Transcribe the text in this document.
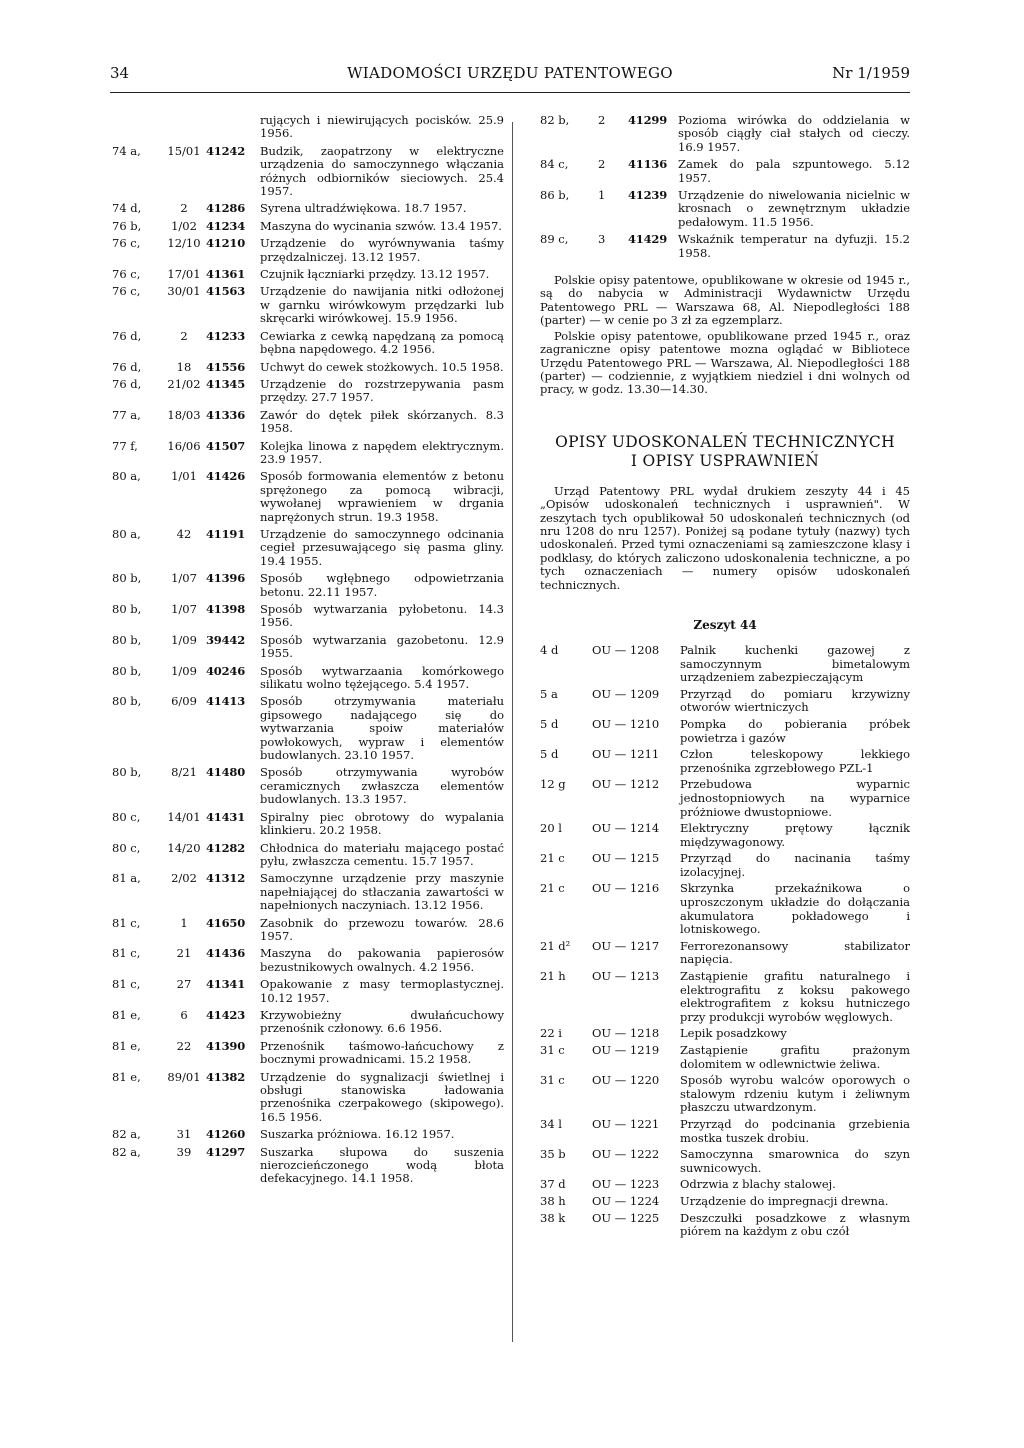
34	WIADOMOŚCI URZĘDU PATENTOWEGO	Nr 1/1959
rujących i niewirujących pocisków. 25.9 1956.
74 a,	15/01 41242	Budzik, zaopatrzony w elektryczne urządzenia do samoczynnego włączania różnych odbiorników sieciowych. 25.4 1957.
74 d,	2	41286	Syrena ultradźwiękowa. 18.7 1957.
76 b,	1/02 41234	Maszyna do wycinania szwów. 13.4 1957.
76 c,	12/10 41210	Urządzenie do wyrównywania taśmy przędzalniczej. 13.12 1957.
76 c,	17/01 41361	Czujnik łączniarki przędzy. 13.12 1957.
76 c,	30/01 41563	Urządzenie do nawijania nitki odłożonej w garnku wirówkowym przędzarki lub skręcarki wirówkowej. 15.9 1956.
76 d,	2	41233	Cewiarka z cewką napędzaną za pomocą bębna napędowego. 4.2 1956.
76 d,	18	41556	Uchwyt do cewek stożkowych. 10.5 1958.
76 d,	21/02 41345	Urządzenie do rozstrzepywania pasm przędzy. 27.7 1957.
77 a,	18/03 41336	Zawór do dętek piłek skórzanych. 8.3 1958.
77 f,	16/06 41507	Kolejka linowa z napędem elektrycznym. 23.9 1957.
80 a,	1/01 41426	Sposób formowania elementów z betonu sprężonego za pomocą wibracji, wywołanej wprawieniem w drgania naprężonych strun. 19.3 1958.
80 a,	42	41191	Urządzenie do samoczynnego odcinania cegieł przesuwającego się pasma gliny. 19.4 1955.
80 b,	1/07 41396	Sposób wgłębnego odpowietrzania betonu. 22.11 1957.
80 b,	1/07 41398	Sposób wytwarzania pyłobetonu. 14.3 1956.
80 b,	1/09 39442	Sposób wytwarzania gazobetonu. 12.9 1955.
80 b,	1/09 40246	Sposób wytwarzaania komórkowego silikatu wolno tężejącego. 5.4 1957.
80 b,	6/09 41413	Sposób otrzymywania materiału gipsowego nadającego się do wytwarzania spoiw materiałów powłokowych, wypraw i elementów budowlanych. 23.10 1957.
80 b,	8/21 41480	Sposób otrzymywania wyrobów ceramicznych zwłaszcza elementów budowlanych. 13.3 1957.
80 c,	14/01 41431	Spiralny piec obrotowy do wypalania klinkieru. 20.2 1958.
80 c,	14/20 41282	Chłodnica do materiału mającego postać pyłu, zwłaszcza cementu. 15.7 1957.
81 a,	2/02 41312	Samoczynne urządzenie przy maszynie napełniającej do stłaczania zawartości w napełnionych naczyniach. 13.12 1956.
81 c,	1	41650	Zasobnik do przewozu towarów. 28.6 1957.
81 c,	21	41436	Maszyna do pakowania papierosów bezustnikowych owalnych. 4.2 1956.
81 c,	27	41341	Opakowanie z masy termoplastycznej. 10.12 1957.
81 e,	6	41423	Krzywobieżny dwułańcuchowy przenośnik członowy. 6.6 1956.
81 e,	22	41390	Przenośnik taśmowo-łańcuchowy z bocznymi prowadnicami. 15.2 1958.
81 e,	89/01 41382	Urządzenie do sygnalizacji świetlnej i obsługi stanowiska ładowania przenośnika czerpakowego (skipowego). 16.5 1956.
82 a,	31	41260	Suszarka próżniowa. 16.12 1957.
82 a,	39	41297	Suszarka słupowa do suszenia nierozcieńczonego wodą błota defekacyjnego. 14.1 1958.
82 b,	2	41299 Pozioma wirówka do oddzielania w sposób ciągły ciał stałych od cieczy. 16.9 1957.
84 c,	2	41136 Zamek do pala szpuntowego. 5.12 1957.
86 b,	1	41239 Urządzenie do niwelowania nicielnic w krosnach o zewnętrznym układzie pedałowym. 11.5 1956.
89 c,	3	41429 Wskaźnik temperatur na dyfuzji. 15.2 1958.

Polskie opisy patentowe, opublikowane w okresie od 1945 r., są do nabycia w Administracji Wydawnictw Urzędu Patentowego PRL — Warszawa 68, Al. Niepodległości 188 (parter) — w cenie po 3 zł za egzemplarz.

Polskie opisy patentowe, opublikowane przed 1945 r., oraz zagraniczne opisy patentowe mozna oglądać w Bibliotece Urzędu Patentowego PRL — Warszawa, Al. Niepodległości 188 (parter) — codziennie, z wyjątkiem niedziel i dni wolnych od pracy, w godz. 13.30—14.30.

OPISY UDOSKONALEŃ TECHNICZNYCH
I OPISY USPRAWNIEŃ

Urząd Patentowy PRL wydał drukiem zeszyty 44 i 45 „Opisów udoskonaleń technicznych i usprawnień". W zeszytach tych opublikował 50 udoskonaleń technicznych (od nru 1208 do nru 1257). Poniżej są podane tytuły (nazwy) tych udoskonaleń. Przed tymi oznaczeniami są zamieszczone klasy i podklasy, do których zaliczono udoskonalenia techniczne, a po tych oznaczeniach — numery opisów udoskonaleń technicznych.

Zeszyt 44
4 d	OU — 1208	Palnik kuchenki gazowej z samoczynnym bimetalowym urządzeniem zabezpieczającym
5 a	OU — 1209	Przyrząd do pomiaru krzywizny otworów wiertniczych
5 d	OU — 1210	Pompka do pobierania próbek powietrza i gazów
5 d	OU — 1211	Człon teleskopowy lekkiego przenośnika zgrzebłowego PZL-1
12 g	OU — 1212	Przebudowa wyparnic jednostopniowych na wyparnice próżniowe dwustopniowe.
20 l	OU — 1214	Elektryczny prętowy łącznik międzywagonowy.
21 c	OU — 1215	Przyrząd do nacinania taśmy izolacyjnej.
21 c	OU — 1216	Skrzynka przekaźnikowa o uproszczonym układzie do dołączania akumulatora pokładowego i lotniskowego.
21 d²	OU — 1217	Ferrorezonansowy stabilizator napięcia.
21 h	OU — 1213	Zastąpienie grafitu naturalnego i elektrografitu z koksu pakowego elektrografitem z koksu hutniczego przy produkcji wyrobów węglowych.
22 i	OU — 1218	Lepik posadzkowy
31 c	OU — 1219	Zastąpienie grafitu prażonym dolomitem w odlewnictwie żeliwa.
31 c	OU — 1220	Sposób wyrobu walców oporowych o stalowym rdzeniu kutym i żeliwnym płaszczu utwardzonym.
34 l	OU — 1221	Przyrząd do podcinania grzebienia mostka tuszek drobiu.
35 b	OU — 1222	Samoczynna smarownica do szyn suwnicowych.
37 d	OU — 1223	Odrzwia z blachy stalowej.
38 h	OU — 1224	Urządzenie do impregnacji drewna.
38 k	OU — 1225	Deszczułki posadzkowe z własnym piórem na każdym z obu czół
